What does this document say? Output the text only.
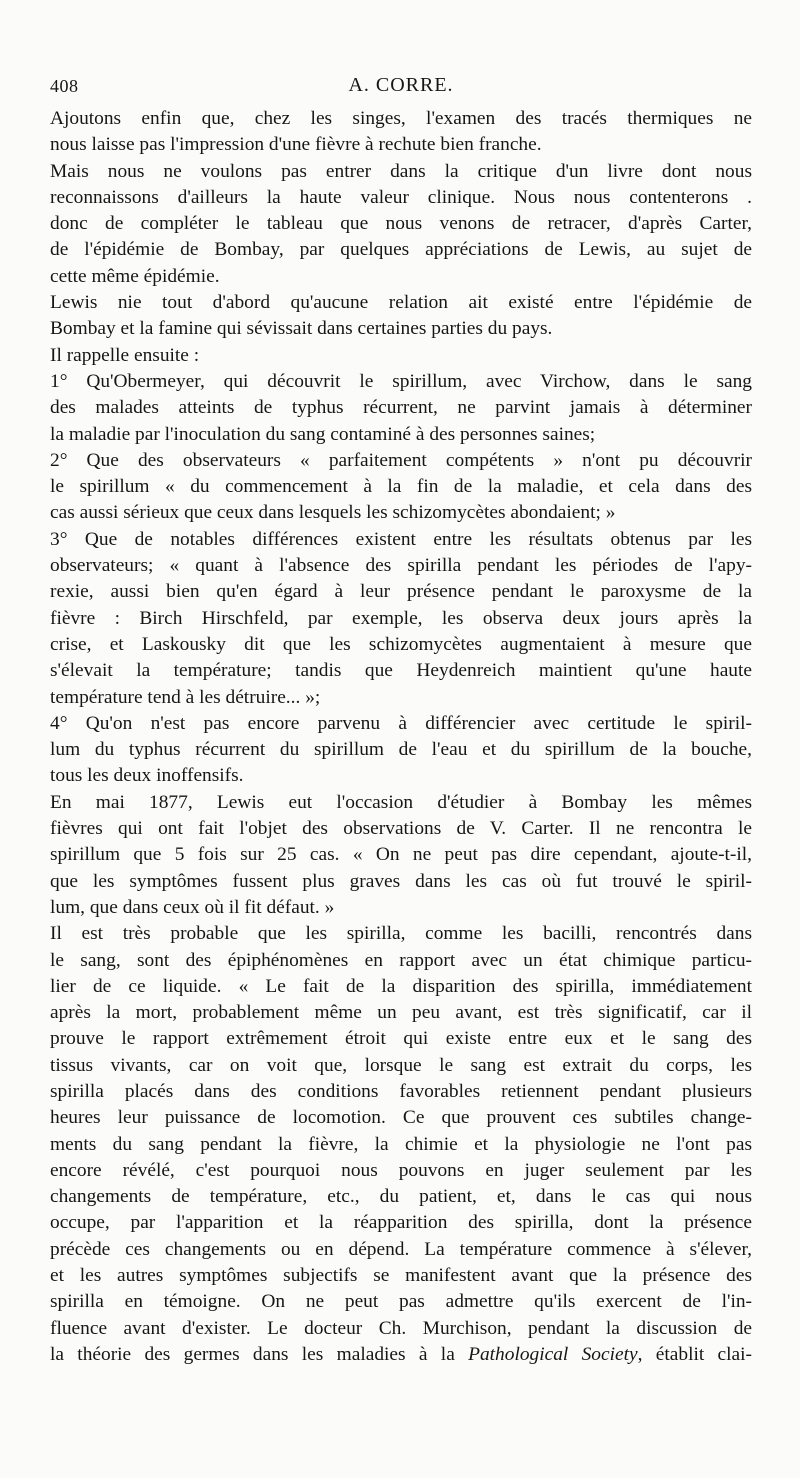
408	A. CORRE.

Ajoutons enfin que, chez les singes, l'examen des tracés thermiques ne
nous laisse pas l'impression d'une fièvre à rechute bien franche.

Mais nous ne voulons pas entrer dans la critique d'un livre dont nous
reconnaissons d'ailleurs la haute valeur clinique. Nous nous contenterons .
donc de compléter le tableau que nous venons de retracer, d'après Carter,
de l'épidémie de Bombay, par quelques appréciations de Lewis, au sujet de
cette même épidémie.

Lewis nie tout d'abord qu'aucune relation ait existé entre l'épidémie de
Bombay et la famine qui sévissait dans certaines parties du pays.

Il rappelle ensuite :

1° Qu'Obermeyer, qui découvrit le spirillum, avec Virchow, dans le sang
des malades atteints de typhus récurrent, ne parvint jamais à déterminer
la maladie par l'inoculation du sang contaminé à des personnes saines;

2° Que des observateurs « parfaitement compétents » n'ont pu découvrir
le spirillum « du commencement à la fin de la maladie, et cela dans des
cas aussi sérieux que ceux dans lesquels les schizomycètes abondaient; »

3° Que de notables différences existent entre les résultats obtenus par les
observateurs; « quant à l'absence des spirilla pendant les périodes de l'apy-
rexie, aussi bien qu'en égard à leur présence pendant le paroxysme de la
fièvre : Birch Hirschfeld, par exemple, les observa deux jours après la
crise, et Laskousky dit que les schizomycètes augmentaient à mesure que
s'élevait la température; tandis que Heydenreich maintient qu'une haute
température tend à les détruire... »;

4° Qu'on n'est pas encore parvenu à différencier avec certitude le spiril-
lum du typhus récurrent du spirillum de l'eau et du spirillum de la bouche,
tous les deux inoffensifs.

En mai 1877, Lewis eut l'occasion d'étudier à Bombay les mêmes
fièvres qui ont fait l'objet des observations de V. Carter. Il ne rencontra le
spirillum que 5 fois sur 25 cas. « On ne peut pas dire cependant, ajoute-t-il,
que les symptômes fussent plus graves dans les cas où fut trouvé le spiril-
lum, que dans ceux où il fit défaut. »

Il est très probable que les spirilla, comme les bacilli, rencontrés dans
le sang, sont des épiphénomènes en rapport avec un état chimique particu-
lier de ce liquide. « Le fait de la disparition des spirilla, immédiatement
après la mort, probablement même un peu avant, est très significatif, car il
prouve le rapport extrêmement étroit qui existe entre eux et le sang des
tissus vivants, car on voit que, lorsque le sang est extrait du corps, les
spirilla placés dans des conditions favorables retiennent pendant plusieurs
heures leur puissance de locomotion. Ce que prouvent ces subtiles change-
ments du sang pendant la fièvre, la chimie et la physiologie ne l'ont pas
encore révélé, c'est pourquoi nous pouvons en juger seulement par les
changements de température, etc., du patient, et, dans le cas qui nous
occupe, par l'apparition et la réapparition des spirilla, dont la présence
précède ces changements ou en dépend. La température commence à s'élever,
et les autres symptômes subjectifs se manifestent avant que la présence des
spirilla en témoigne. On ne peut pas admettre qu'ils exercent de l'in-
fluence avant d'exister. Le docteur Ch. Murchison, pendant la discussion de
la théorie des germes dans les maladies à la Pathological Society, établit clai-
